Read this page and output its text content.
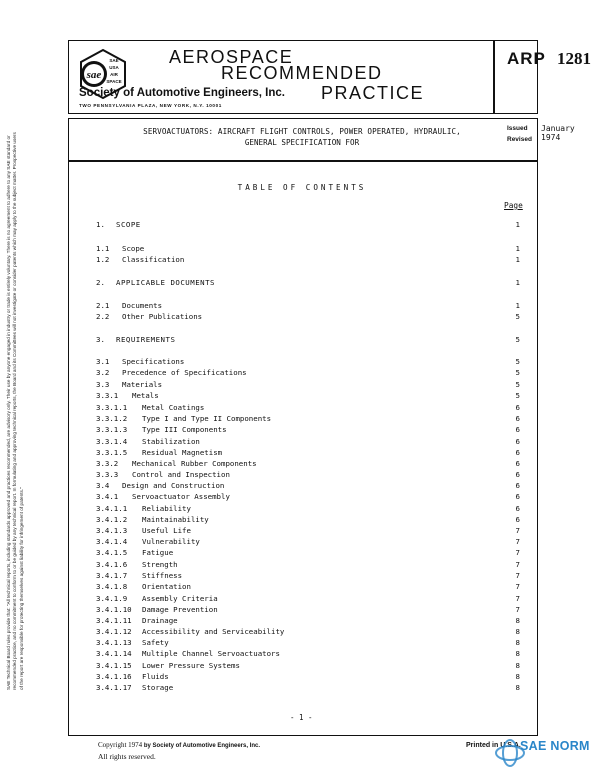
SAE Technical Board rules provide that: "All technical reports, including standards approved and practices recommended, are advisory only. Their use by anyone engaged in industry or trade is entirely voluntary. There is no agreement to adhere to any SAE standard or recommended practice, and no commitment to conform to or be guided by any technical report. In formulating and approving technical reports, the Board and its Committees will not investigate or consider patents which may apply to the subject matter. Prospective users of the report are responsible for protecting themselves against liability for infringement of patents."
sae
SAE
USA
AIR
SPACE
AEROSPACE
RECOMMENDED
PRACTICE
Society of Automotive Engineers, Inc.
TWO PENNSYLVANIA PLAZA, NEW YORK, N.Y. 10001
ARP 1281
Issued January 1974
Revised
SERVOACTUATORS: AIRCRAFT FLIGHT CONTROLS, POWER OPERATED, HYDRAULIC,
GENERAL SPECIFICATION FOR
TABLE OF CONTENTS
Page
1. SCOPE	1
1.1 Scope	1
1.2 Classification	1
2. APPLICABLE DOCUMENTS	1
2.1 Documents	1
2.2 Other Publications	5
3. REQUIREMENTS	5
3.1 Specifications	5
3.2 Precedence of Specifications	5
3.3 Materials	5
3.3.1 Metals	5
3.3.1.1 Metal Coatings	6
3.3.1.2 Type I and Type II Components	6
3.3.1.3 Type III Components	6
3.3.1.4 Stabilization	6
3.3.1.5 Residual Magnetism	6
3.3.2 Mechanical Rubber Components	6
3.3.3 Control and Inspection	6
3.4 Design and Construction	6
3.4.1 Servoactuator Assembly	6
3.4.1.1 Reliability	6
3.4.1.2 Maintainability	6
3.4.1.3 Useful Life	7
3.4.1.4 Vulnerability	7
3.4.1.5 Fatigue	7
3.4.1.6 Strength	7
3.4.1.7 Stiffness	7
3.4.1.8 Orientation	7
3.4.1.9 Assembly Criteria	7
3.4.1.10 Damage Prevention	7
3.4.1.11 Drainage	8
3.4.1.12 Accessibility and Serviceability	8
3.4.1.13 Safety	8
3.4.1.14 Multiple Channel Servoactuators	8
3.4.1.15 Lower Pressure Systems	8
3.4.1.16 Fluids	8
3.4.1.17 Storage	8
- 1 -
Copyright 1974 by Society of Automotive Engineers, Inc.
All rights reserved.
Printed in U.S.A. SAE NORM
